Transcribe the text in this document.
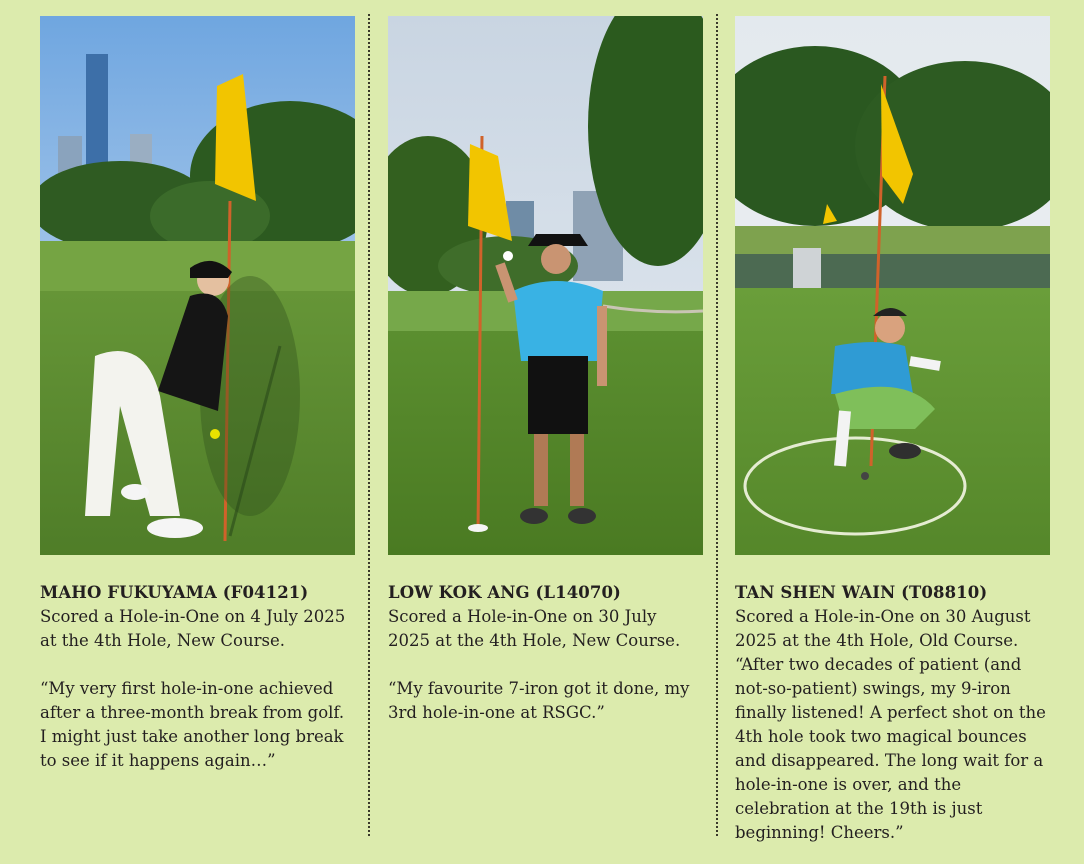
MAHO FUKUYAMA (F04121)

Scored a Hole-in-One on 4 July 2025 at the 4th Hole, New Course.

“My very first hole-in-one achieved after a three-month break from golf. I might just take another long break to see if it happens again…”

LOW KOK ANG (L14070)

Scored a Hole-in-One on 30 July 2025 at the 4th Hole, New Course.

“My favourite 7-iron got it done, my 3rd hole-in-one at RSGC.”

TAN SHEN WAIN (T08810)

Scored a Hole-in-One on 30 August 2025 at the 4th Hole, Old Course.

“After two decades of patient (and not-so-patient) swings, my 9-iron finally listened! A perfect shot on the 4th hole took two magical bounces and disappeared. The long wait for a hole-in-one is over, and the celebration at the 19th is just beginning! Cheers.”
